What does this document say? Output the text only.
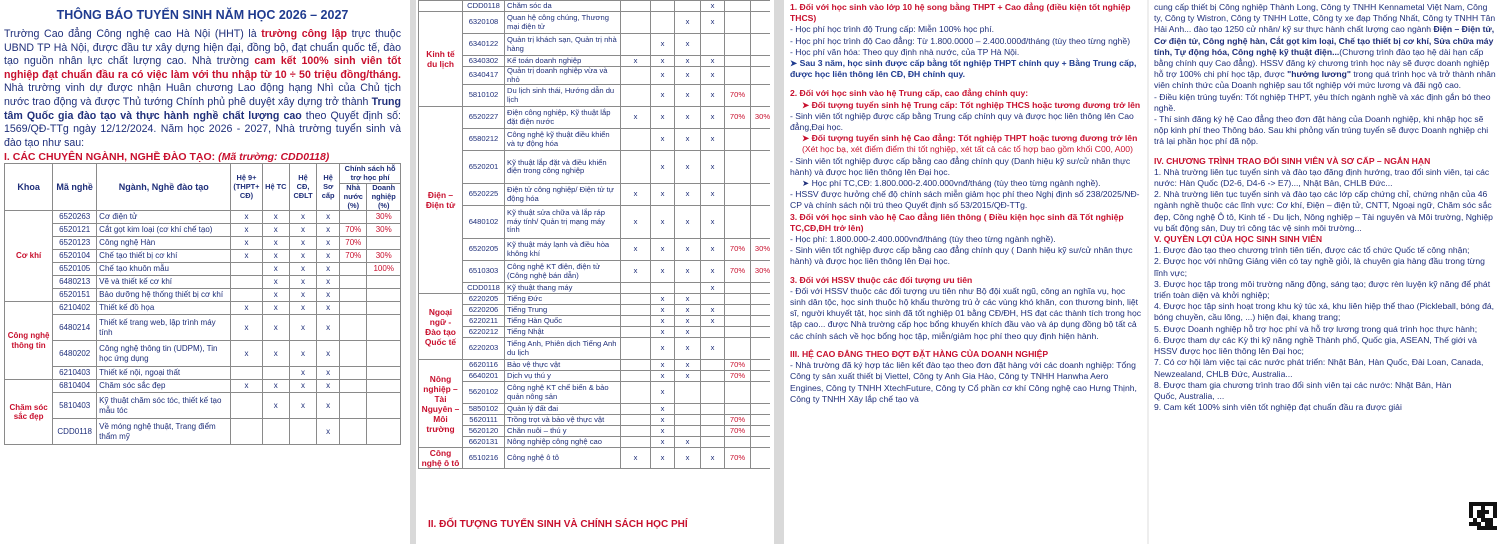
THÔNG BÁO TUYỂN SINH NĂM HỌC 2026 – 2027
Trường Cao đẳng Công nghệ cao Hà Nội (HHT) là trường công lập trực thuộc UBND TP Hà Nội, được đầu tư xây dựng hiện đại, đồng bộ, đạt chuẩn quốc tế, đào tạo nguồn nhân lực chất lượng cao. Nhà trường cam kết 100% sinh viên tốt nghiệp đạt chuẩn đầu ra có việc làm với thu nhập từ 10 ÷ 50 triệu đồng/tháng. Nhà trường vinh dự được nhận Huân chương Lao động hạng Nhì của Chủ tịch nước trao động và được Thủ tướng Chính phủ phê duyệt xây dựng trở thành Trung tâm Quốc gia đào tạo và thực hành nghề chất lượng cao theo Quyết định số: 1569/QĐ-TTg ngày 12/12/2024. Năm học 2026 - 2027, Nhà trường tuyển sinh và đào tạo như sau:
I. CÁC CHUYÊN NGÀNH, NGHỀ ĐÀO TẠO: (Mã trường: CDD0118)
Khoa	Mã nghề	Ngành, Nghề đào tạo	Hệ 9+ (THPT+ CĐ)	Hệ TC	Hệ CĐ, CĐLT	Hệ Sơ cấp	Chính sách hỗ trợ học phí	
							Nhà nước (%)	Doanh nghiệp (%)
Cơ khí	6520263	Cơ điện tử	x	x	x	x		30%
	6520121	Cắt gọt kim loại (cơ khí chế tạo)	x	x	x	x	70%	30%
	6520123	Công nghệ Hàn	x	x	x	x	70%	
	6520104	Chế tạo thiết bị cơ khí	x	x	x	x	70%	30%
	6520105	Chế tạo khuôn mẫu		x	x	x		100%
	6480213	Vẽ và thiết kế cơ khí		x	x	x		
	6520151	Bảo dưỡng hệ thống thiết bị cơ khí		x	x	x		
Công nghệ thông tin	6210402	Thiết kế đồ họa	x	x	x	x		
	6480214	Thiết kế trang web, lập trình máy tính	x	x	x	x		
	6480202	Công nghệ thông tin (UDPM), Tin học ứng dụng	x	x	x	x		
	6210403	Thiết kế nội, ngoại thất			x	x		
Chăm sóc sắc đẹp	6810404	Chăm sóc sắc đẹp	x	x	x	x		
	5810403	Kỹ thuật chăm sóc tóc, thiết kế tạo mẫu tóc		x	x	x		
	CDD0118	Về móng nghệ thuật, Trang điểm thẩm mỹ				x		
	CDD0118	Chăm sóc da				x		
Kinh tế du lịch	6320108	Quan hệ công chúng, Thương mại điện tử			x	x		
	6340122	Quản trị khách sạn, Quản trị nhà hàng		x	x			
	6340302	Kế toán doanh nghiệp	x	x	x	x		
	6340417	Quản trị doanh nghiệp vừa và nhỏ		x	x	x		
	5810102	Du lịch sinh thái, Hướng dẫn du lịch		x	x	x	70%	
Điện – Điện tử	6520227	Điện công nghiệp, Kỹ thuật lắp đặt điện nước	x	x	x	x	70%	30%
	6580212	Công nghệ kỹ thuật điều khiển và tự động hóa		x	x	x		
	6520201	Kỹ thuật lắp đặt và điều khiển điện trong công nghiệp		x	x	x		
	6520225	Điện tử công nghiệp/ Điện tử tự động hóa	x	x	x	x		
	6480102	Kỹ thuật sửa chữa và lắp ráp máy tính/ Quản trị mạng máy tính	x	x	x	x		
	6520205	Kỹ thuật máy lạnh và điều hòa không khí	x	x	x	x	70%	30%
	6510303	Công nghệ KT điện, điện tử (Công nghệ bán dẫn)	x	x	x	x	70%	30%
	CDD0118	Kỹ thuật thang máy				x		
Ngoại ngữ - Đào tạo Quốc tế	6220205	Tiếng Đức		x	x			
	6220206	Tiếng Trung		x	x	x		
	6220211	Tiếng Hàn Quốc		x	x	x		
	6220212	Tiếng Nhật		x	x			
	6220203	Tiếng Anh, Phiên dịch Tiếng Anh du lịch		x	x	x		
Nông nghiệp – Tài Nguyên – Môi trường	6620116	Bảo vệ thực vật		x	x		70%	
	6640201	Dịch vụ thú y		x	x		70%	
	5620102	Công nghệ KT chế biến & bảo quản nông sản		x				
	5850102	Quản lý đất đai		x				
	5620111	Trồng trọt và bảo vệ thực vật		x			70%	
	5620120	Chăn nuôi – thú y		x			70%	
	6620131	Nông nghiệp công nghệ cao		x	x			
Công nghệ ô tô	6510216	Công nghệ ô tô	x	x	x	x	70%	
II. ĐỐI TƯỢNG TUYỂN SINH VÀ CHÍNH SÁCH HỌC PHÍ

1. Đối với học sinh vào lớp 10 hệ song bằng THPT + Cao đẳng (điều kiện tốt nghiệp THCS)

- Học phí học trình độ Trung cấp: Miễn 100% học phí.

- Học phí học trình độ Cao đẳng: Từ 1.800.0000 – 2.400.000đ/tháng (tùy theo từng nghề)

- Học phí văn hóa: Theo quy định nhà nước, của TP Hà Nội.

➤ Sau 3 năm, học sinh được cấp bằng tốt nghiệp THPT chính quy + Bằng Trung cấp, được học liên thông lên CĐ, ĐH chính quy.

2. Đối với học sinh vào hệ Trung cấp, cao đẳng chính quy:

➤ Đối tượng tuyển sinh hệ Trung cấp: Tốt nghiệp THCS hoặc tương đương trở lên

- Sinh viên tốt nghiệp được cấp bằng Trung cấp chính quy và được học liên thông lên Cao đẳng,Đại học.

➤ Đối tượng tuyển sinh hệ Cao đẳng: Tốt nghiệp THPT hoặc tương đương trở lên (Xét học bạ, xét điểm điểm thi tốt nghiệp, xét tất cả các tổ hợp bao gồm khối C00, A00)

- Sinh viên tốt nghiệp được cấp bằng cao đẳng chính quy (Danh hiệu kỹ sư/cử nhân thực hành) và được học liên thông lên Đại học.

➤ Học phí TC,CĐ: 1.800.000-2.400.000vnđ/tháng (tùy theo từng ngành nghề).

- HSSV được hưởng chế độ chính sách miễn giảm học phí theo Nghị định số 238/2025/NĐ-CP và chính sách nội trú theo Quyết định số 53/2015/QĐ-TTg.

3. Đối với học sinh vào hệ Cao đẳng liên thông ( Điều kiện học sinh đã Tốt nghiệp TC,CĐ,ĐH trở lên)

- Học phí: 1.800.000-2.400.000vnđ/tháng (tùy theo từng ngành nghề).

- Sinh viên tốt nghiệp được cấp bằng cao đẳng chính quy ( Danh hiệu kỹ sư/cử nhân thực hành) và được học liên thông lên Đại học.

3. Đối với HSSV thuộc các đối tượng ưu tiên

- Đối với HSSV thuộc các đối tượng ưu tiên như Bộ đội xuất ngũ, công an nghĩa vụ, học sinh dân tộc, học sinh thuộc hộ khẩu thường trú ở các vùng khó khăn, con thương binh, liệt sĩ, người khuyết tật, học sinh đã tốt nghiệp 01 bằng CĐ/ĐH, HS đạt các thành tích trong học tập cao... được Nhà trường cấp học bổng khuyến khích đầu vào và áp dụng đồng bộ tất cả các chính sách về học bổng học tập, miễn/giảm học phí theo quy định hiện hành.

III. HỆ CAO ĐẲNG THEO ĐỢT ĐẶT HÀNG CỦA DOANH NGHIỆP

- Nhà trường đã ký hợp tác liên kết đào tạo theo đơn đặt hàng với các doanh nghiệp: Tổng Công ty sản xuất thiết bị Viettel, Công ty Anh Gia Hào, Công ty TNHH Hanwha Aero Engines, Công ty TNHH XtechFuture, Công ty Cổ phần cơ khí Công nghệ cao Hưng Thịnh, Công ty TNHH Xây lắp chế tạo và

cung cấp thiết bị Công nghiệp Thành Long, Công ty TNHH Kennametal Việt Nam, Công ty, Công ty Wistron, Công ty TNHH Lotte, Công ty xe đạp Thống Nhất, Công ty TNHH Tân Hải Anh... đào tạo 1250 cử nhân/ kỹ sư thực hành chất lượng cao ngành Điện – Điện tử, Cơ điện tử, Công nghệ hàn, Cắt gọt kim loại, Chế tạo thiết bị cơ khí, Sửa chữa máy tính, Tự động hóa, Công nghệ kỹ thuật điện...(Chương trình đào tạo hệ dài hạn cấp bằng chính quy Cao đẳng). HSSV đăng ký chương trình học này sẽ được doanh nghiệp hỗ trợ 100% chi phí học tập, được "hưởng lương" trong quá trình học và trở thành nhân viên chính thức của Doanh nghiệp sau tốt nghiệp với mức lương và đãi ngộ cao.

- Điều kiện trúng tuyển: Tốt nghiệp THPT, yêu thích ngành nghề và xác định gắn bó theo nghề.

- Thí sinh đăng ký hệ Cao đẳng theo đơn đặt hàng của Doanh nghiệp, khi nhập học sẽ nộp kinh phí theo Thông báo. Sau khi phỏng vấn trúng tuyển sẽ được Doanh nghiệp chi trả lại phần học phí đã nộp.

IV. CHƯƠNG TRÌNH TRAO ĐỔI SINH VIÊN VÀ SƠ CẤP – NGẮN HẠN

1. Nhà trường liên tục tuyển sinh và đào tạo đăng định hướng, trao đổi sinh viên, tại các nước: Hàn Quốc (D2-6, D4-6 -> E7)..., Nhật Bản, CHLB Đức...

2. Nhà trường liên tục tuyển sinh và đào tạo các lớp cấp chứng chỉ, chứng nhận của 46 ngành nghề thuộc các lĩnh vực: Cơ khí, Điện – điện tử, CNTT, Ngoại ngữ, Chăm sóc sắc đẹp, Công nghệ Ô tô, Kinh tế - Du lịch, Nông nghiệp – Tài nguyên và Môi trường, Nghiệp vụ bất động sản, Duy trì công tác vệ sinh môi trường...

V. QUYỀN LỢI CỦA HỌC SINH SINH VIÊN

1. Được đào tạo theo chương trình tiên tiến, được các tổ chức Quốc tế công nhận;

2. Được học với những Giảng viên có tay nghề giỏi, là chuyên gia hàng đầu trong từng lĩnh vực;

3. Được học tập trong môi trường năng động, sáng tạo; được rèn luyện kỹ năng để phát triển toàn diện và khởi nghiệp;

4. Được học tập sinh hoạt trong khu ký túc xá, khu liên hiệp thể thao (Pickleball, bóng đá, bóng chuyền, cầu lông, ...) hiện đại, khang trang;

5. Được Doanh nghiệp hỗ trợ học phí và hỗ trợ lương trong quá trình học thực hành;

6. Được tham dự các Kỳ thi kỹ năng nghề Thành phố, Quốc gia, ASEAN, Thế giới và HSSV được học liên thông lên Đại học;

7. Có cơ hội làm việc tại các nước phát triển: Nhật Bản, Hàn Quốc, Đài Loan, Canada, Newzealand, CHLB Đức, Australia...

8. Được tham gia chương trình trao đổi sinh viên tại các nước: Nhật Bản, Hàn Quốc, Australia, ...

9. Cam kết 100% sinh viên tốt nghiệp đạt chuẩn đầu ra được giải
